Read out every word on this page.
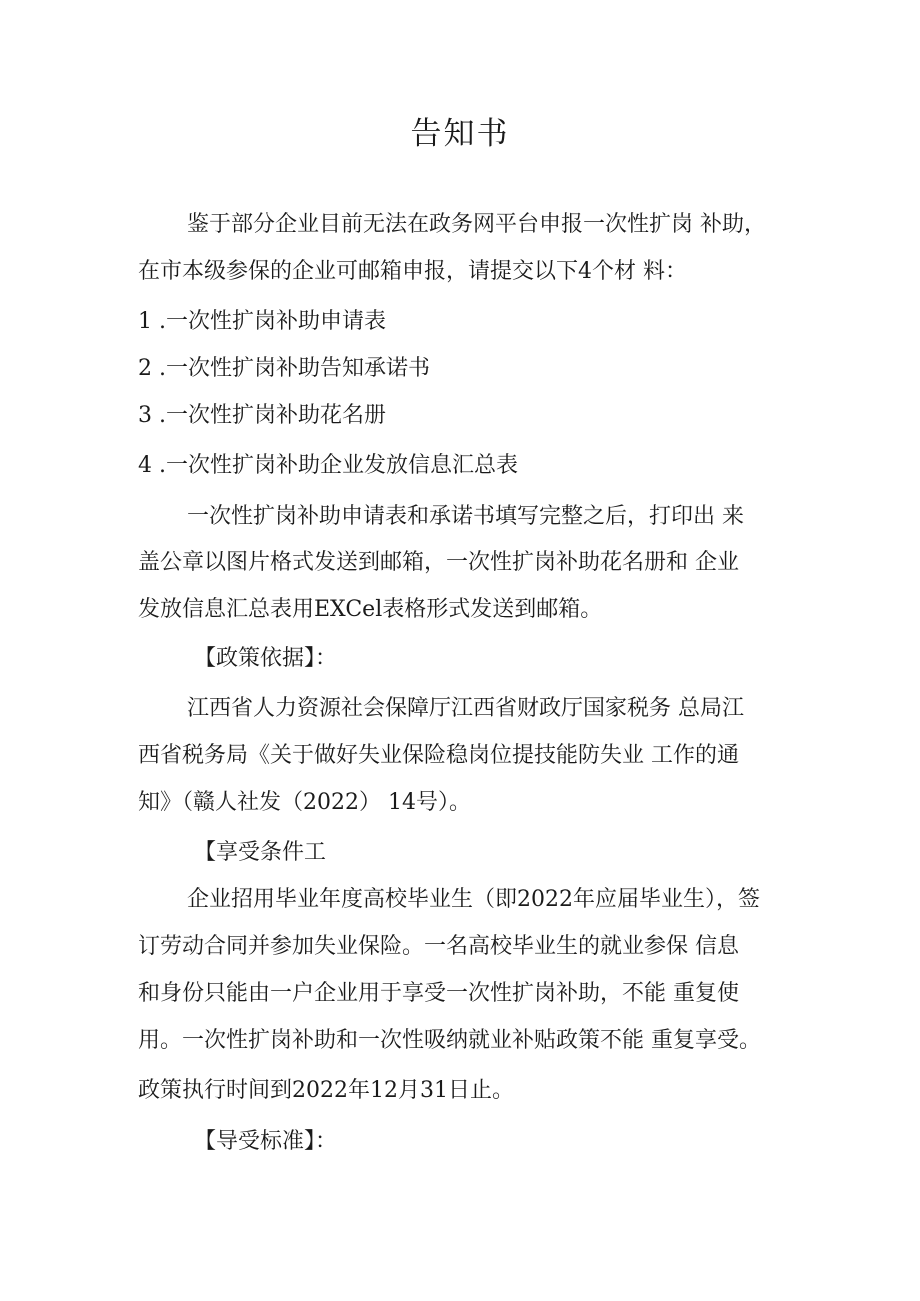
告知书
鉴于部分企业目前无法在政务网平台申报一次性扩岗 补助，
在市本级参保的企业可邮箱申报，请提交以下4个材 料：
1 .一次性扩岗补助申请表
2 .一次性扩岗补助告知承诺书
3 .一次性扩岗补助花名册
4 .一次性扩岗补助企业发放信息汇总表
一次性扩岗补助申请表和承诺书填写完整之后，打印出 来
盖公章以图片格式发送到邮箱，一次性扩岗补助花名册和 企业
发放信息汇总表用EXCel表格形式发送到邮箱。
【政策依据】：
江西省人力资源社会保障厅江西省财政厅国家税务 总局江
西省税务局《关于做好失业保险稳岗位提技能防失业 工作的通
知》（赣人社发（2022） 14号）。
【享受条件工
企业招用毕业年度高校毕业生（即2022年应届毕业生），签
订劳动合同并参加失业保险。一名高校毕业生的就业参保 信息
和身份只能由一户企业用于享受一次性扩岗补助，不能 重复使
用。一次性扩岗补助和一次性吸纳就业补贴政策不能 重复享受。
政策执行时间到2022年12月31日止。
【导受标准】：
